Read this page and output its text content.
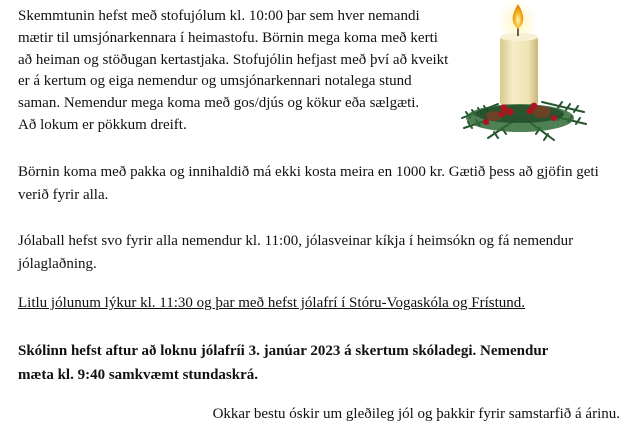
Skemmtunin hefst með stofujólum kl. 10:00 þar sem hver nemandi
mætir til umsjónarkennara í heimastofu. Börnin mega koma með kerti
að heiman og stöðugan kertastjaka. Stofujólin hefjast með því að kveikt
er á kertum og eiga nemendur og umsjónarkennari notalega stund
saman. Nemendur mega koma með gos/djús og kökur eða sælgæti.
Að lokum er pökkum dreift.

Börnin koma með pakka og innihaldið má ekki kosta meira en 1000 kr. Gætið þess að gjöfin geti
verið fyrir alla.

Jólaball hefst svo fyrir alla nemendur kl. 11:00, jólasveinar kíkja í heimsókn og fá nemendur
jólaglaðning.

Litlu jólunum lýkur kl. 11:30 og þar með hefst jólafrí í Stóru-Vogaskóla og Frístund.

Skólinn hefst aftur að loknu jólafríi 3. janúar 2023 á skertum skóladegi. Nemendur
mæta kl. 9:40 samkvæmt stundaskrá.

Okkar bestu óskir um gleðileg jól og þakkir fyrir samstarfið á árinu.
